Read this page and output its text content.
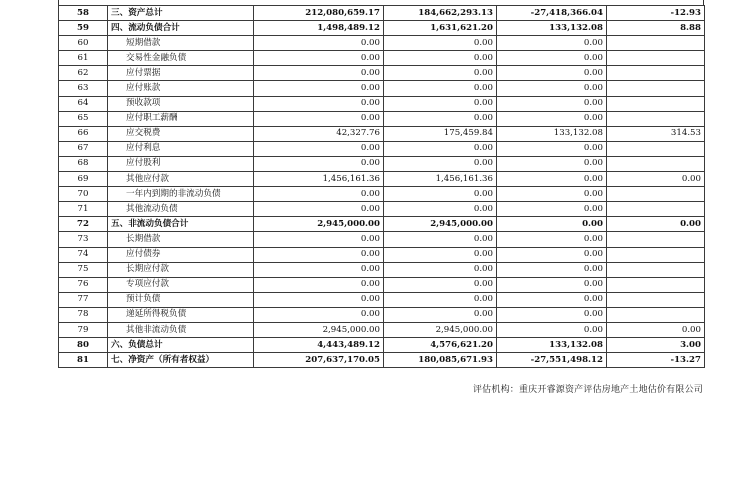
58	三、资产总计	212,080,659.17	184,662,293.13	-27,418,366.04	-12.93
59	四、流动负债合计	1,498,489.12	1,631,621.20	133,132.08	8.88
60	短期借款	0.00	0.00	0.00	
61	交易性金融负债	0.00	0.00	0.00	
62	应付票据	0.00	0.00	0.00	
63	应付账款	0.00	0.00	0.00	
64	预收款项	0.00	0.00	0.00	
65	应付职工薪酬	0.00	0.00	0.00	
66	应交税费	42,327.76	175,459.84	133,132.08	314.53
67	应付利息	0.00	0.00	0.00	
68	应付股利	0.00	0.00	0.00	
69	其他应付款	1,456,161.36	1,456,161.36	0.00	0.00
70	一年内到期的非流动负债	0.00	0.00	0.00	
71	其他流动负债	0.00	0.00	0.00	
72	五、非流动负债合计	2,945,000.00	2,945,000.00	0.00	0.00
73	长期借款	0.00	0.00	0.00	
74	应付债券	0.00	0.00	0.00	
75	长期应付款	0.00	0.00	0.00	
76	专项应付款	0.00	0.00	0.00	
77	预计负债	0.00	0.00	0.00	
78	递延所得税负债	0.00	0.00	0.00	
79	其他非流动负债	2,945,000.00	2,945,000.00	0.00	0.00
80	六、负债总计	4,443,489.12	4,576,621.20	133,132.08	3.00
81	七、净资产（所有者权益）	207,637,170.05	180,085,671.93	-27,551,498.12	-13.27
评估机构：重庆开睿源资产评估房地产土地估价有限公司
